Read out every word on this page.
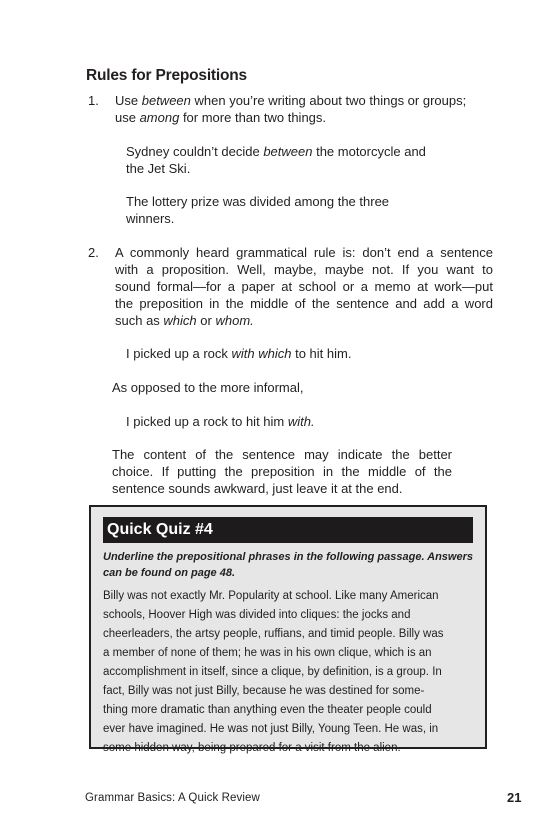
Rules for Prepositions
1. Use between when you’re writing about two things or groups;
use among for more than two things.
Sydney couldn’t decide between the motorcycle and
the Jet Ski.
The lottery prize was divided among the three
winners.
2. A commonly heard grammatical rule is: don’t end a sentence
with a proposition. Well, maybe, maybe not. If you want to
sound formal—for a paper at school or a memo at work—put
the preposition in the middle of the sentence and add a word
such as which or whom.
I picked up a rock with which to hit him.
As opposed to the more informal,
I picked up a rock to hit him with.
The content of the sentence may indicate the better
choice. If putting the preposition in the middle of the
sentence sounds awkward, just leave it at the end.
Quick Quiz #4
Underline the prepositional phrases in the following passage. Answers
can be found on page 48.
Billy was not exactly Mr. Popularity at school. Like many American
schools, Hoover High was divided into cliques: the jocks and
cheerleaders, the artsy people, ruffians, and timid people. Billy was
a member of none of them; he was in his own clique, which is an
accomplishment in itself, since a clique, by definition, is a group. In
fact, Billy was not just Billy, because he was destined for some-
thing more dramatic than anything even the theater people could
ever have imagined. He was not just Billy, Young Teen. He was, in
some hidden way, being prepared for a visit from the alien.
Grammar Basics: A Quick Review	21
